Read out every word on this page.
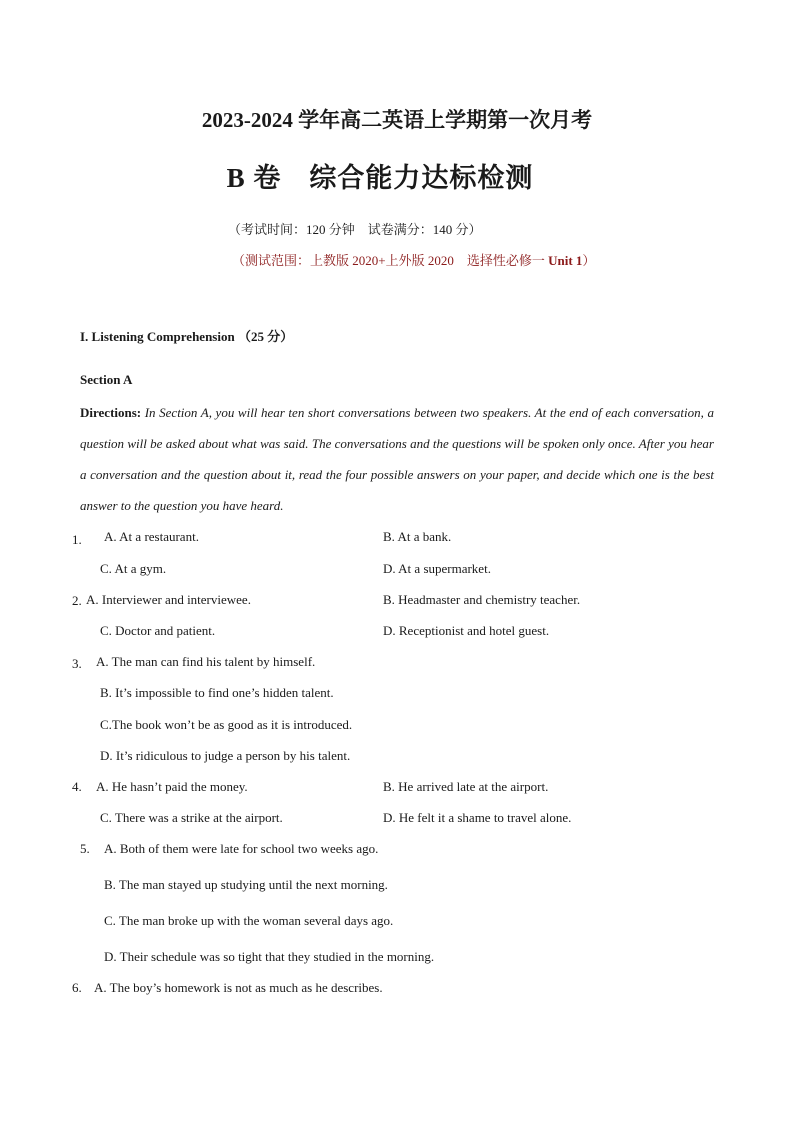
2023-2024 学年高二英语上学期第一次月考
B 卷　综合能力达标检测
（考试时间：120 分钟　试卷满分：140 分）
（测试范围：上教版 2020+上外版 2020　选择性必修一 Unit 1）
I. Listening Comprehension （25 分）
Section A
Directions: In Section A, you will hear ten short conversations between two speakers. At the end of each conversation, a question will be asked about what was said. The conversations and the questions will be spoken only once. After you hear a conversation and the question about it, read the four possible answers on your paper, and decide which one is the best answer to the question you have heard.
1. A. At a restaurant.	B. At a bank.
C. At a gym.	D. At a supermarket.
2. A. Interviewer and interviewee.	B. Headmaster and chemistry teacher.
C. Doctor and patient.	D. Receptionist and hotel guest.
3. A. The man can find his talent by himself.
B. It’s impossible to find one’s hidden talent.
C.The book won’t be as good as it is introduced.
D. It’s ridiculous to judge a person by his talent.
4. A. He hasn’t paid the money.	B. He arrived late at the airport.
C. There was a strike at the airport.	D. He felt it a shame to travel alone.
5. A. Both of them were late for school two weeks ago.
B. The man stayed up studying until the next morning.
C. The man broke up with the woman several days ago.
D. Their schedule was so tight that they studied in the morning.
6. A. The boy’s homework is not as much as he describes.
